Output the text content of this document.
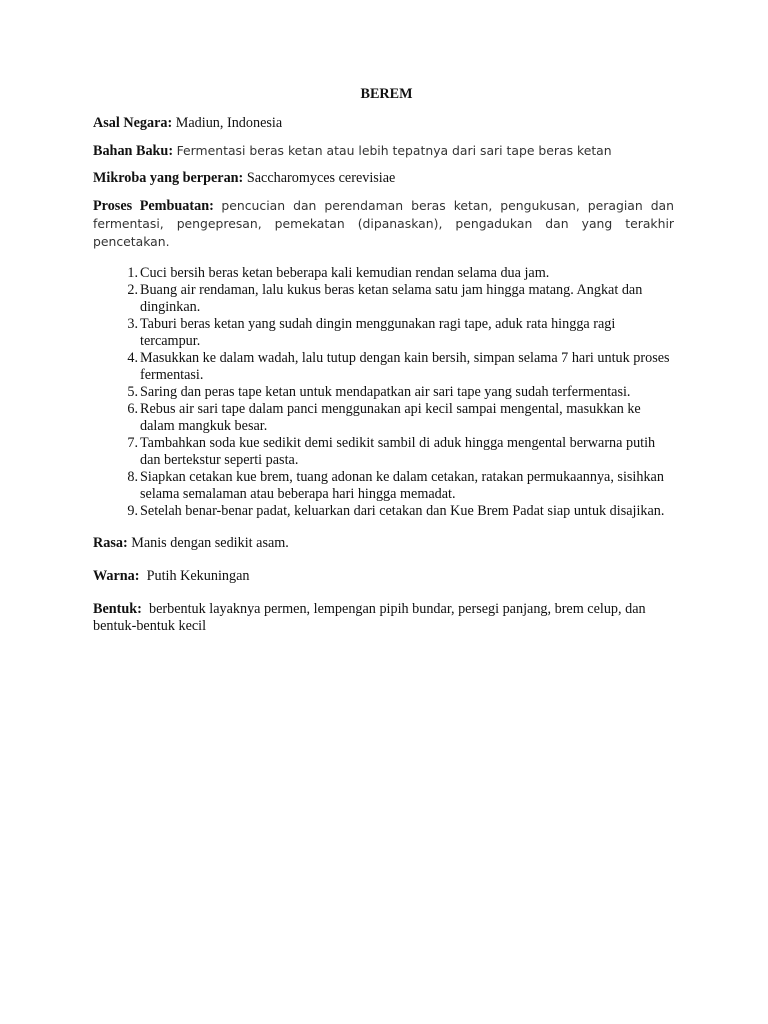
BEREM
Asal Negara: Madiun, Indonesia
Bahan Baku: Fermentasi beras ketan atau lebih tepatnya dari sari tape beras ketan
Mikroba yang berperan: Saccharomyces cerevisiae
Proses Pembuatan: pencucian dan perendaman beras ketan, pengukusan, peragian dan fermentasi, pengepresan, pemekatan (dipanaskan), pengadukan dan yang terakhir pencetakan.
1. Cuci bersih beras ketan beberapa kali kemudian rendan selama dua jam.
2. Buang air rendaman, lalu kukus beras ketan selama satu jam hingga matang. Angkat dan dinginkan.
3. Taburi beras ketan yang sudah dingin menggunakan ragi tape, aduk rata hingga ragi tercampur.
4. Masukkan ke dalam wadah, lalu tutup dengan kain bersih, simpan selama 7 hari untuk proses fermentasi.
5. Saring dan peras tape ketan untuk mendapatkan air sari tape yang sudah terfermentasi.
6. Rebus air sari tape dalam panci menggunakan api kecil sampai mengental, masukkan ke dalam mangkuk besar.
7. Tambahkan soda kue sedikit demi sedikit sambil di aduk hingga mengental berwarna putih dan bertekstur seperti pasta.
8. Siapkan cetakan kue brem, tuang adonan ke dalam cetakan, ratakan permukaannya, sisihkan selama semalaman atau beberapa hari hingga memadat.
9. Setelah benar-benar padat, keluarkan dari cetakan dan Kue Brem Padat siap untuk disajikan.
Rasa: Manis dengan sedikit asam.
Warna: Putih Kekuningan
Bentuk: berbentuk layaknya permen, lempengan pipih bundar, persegi panjang, brem celup, dan bentuk-bentuk kecil
